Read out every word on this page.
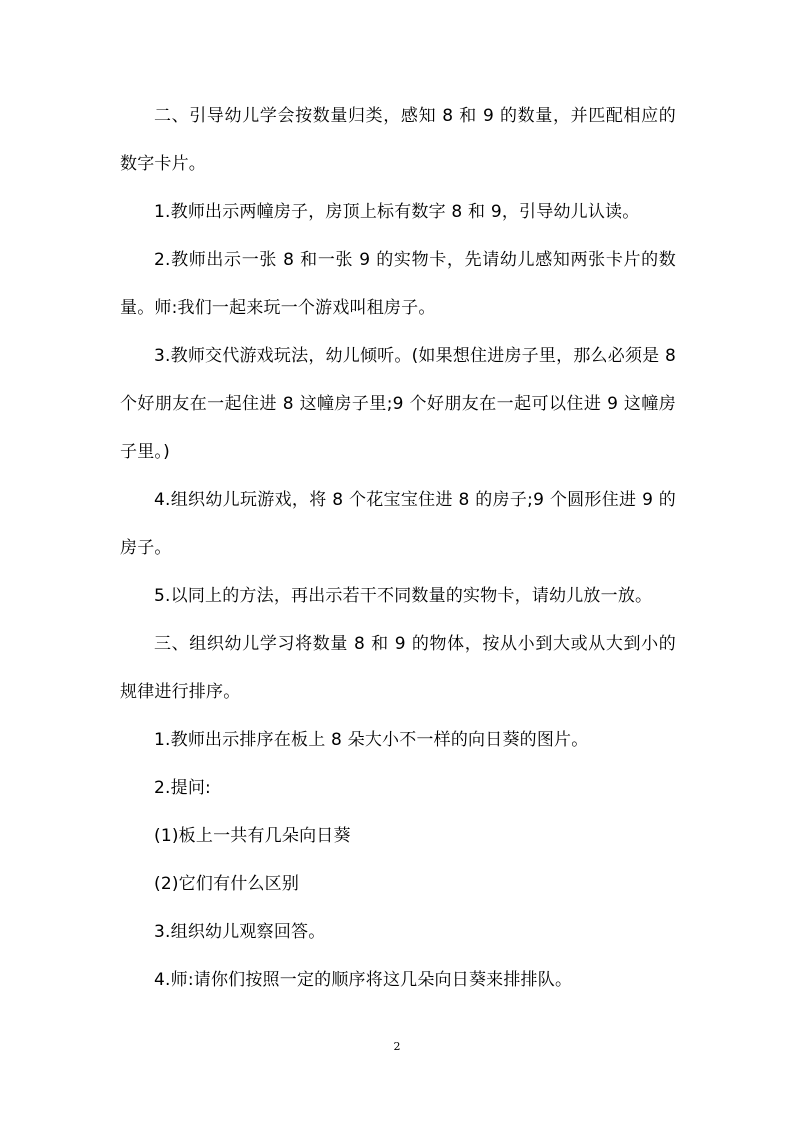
二、引导幼儿学会按数量归类，感知 8 和 9 的数量，并匹配相应的数字卡片。

1.教师出示两幢房子，房顶上标有数字 8 和 9，引导幼儿认读。

2.教师出示一张 8 和一张 9 的实物卡，先请幼儿感知两张卡片的数量。师:我们一起来玩一个游戏叫租房子。

3.教师交代游戏玩法，幼儿倾听。(如果想住进房子里，那么必须是 8 个好朋友在一起住进 8 这幢房子里;9 个好朋友在一起可以住进 9 这幢房子里。)

4.组织幼儿玩游戏，将 8 个花宝宝住进 8 的房子;9 个圆形住进 9 的房子。

5.以同上的方法，再出示若干不同数量的实物卡，请幼儿放一放。

三、组织幼儿学习将数量 8 和 9 的物体，按从小到大或从大到小的规律进行排序。

1.教师出示排序在板上 8 朵大小不一样的向日葵的图片。

2.提问:

(1)板上一共有几朵向日葵

(2)它们有什么区别

3.组织幼儿观察回答。

4.师:请你们按照一定的顺序将这几朵向日葵来排排队。

2
